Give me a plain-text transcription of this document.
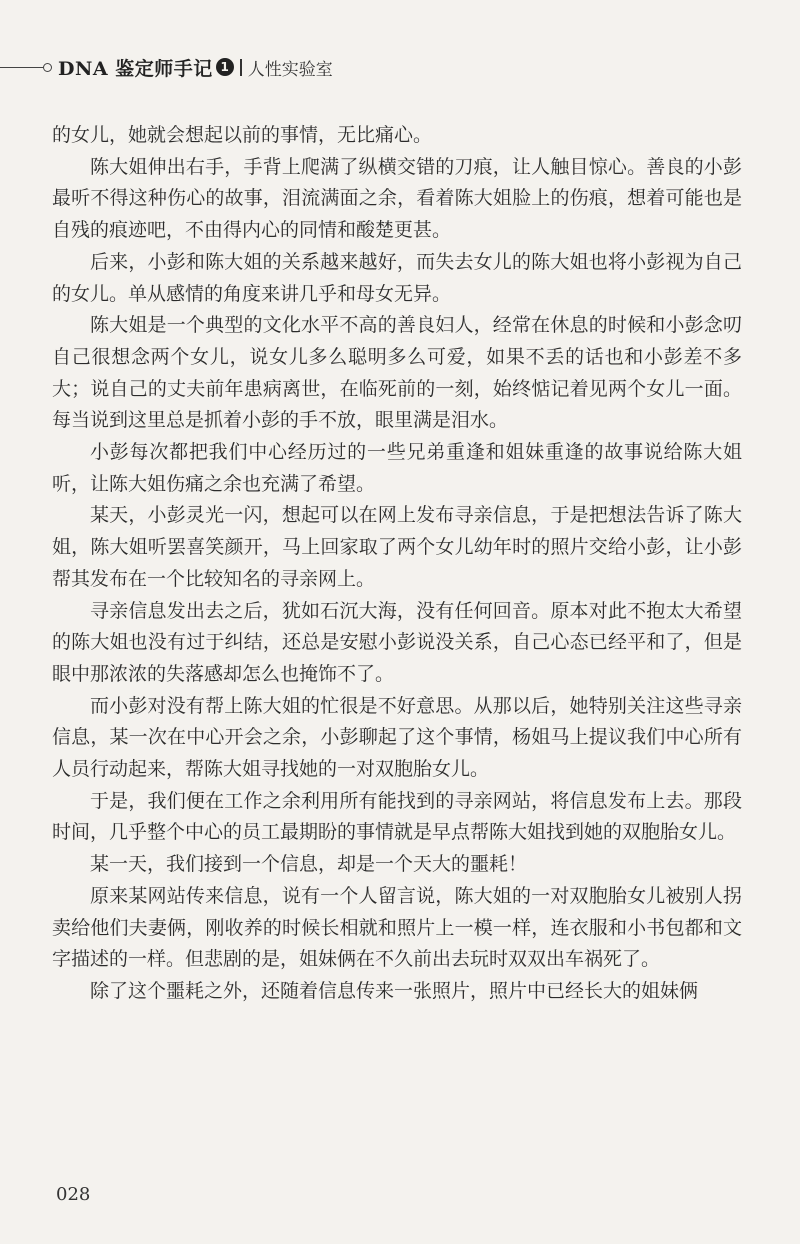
DNA 鉴定师手记 1 人性实验室

的女儿，她就会想起以前的事情，无比痛心。

陈大姐伸出右手，手背上爬满了纵横交错的刀痕，让人触目惊心。善良的小彭最听不得这种伤心的故事，泪流满面之余，看着陈大姐脸上的伤痕，想着可能也是自残的痕迹吧，不由得内心的同情和酸楚更甚。

后来，小彭和陈大姐的关系越来越好，而失去女儿的陈大姐也将小彭视为自己的女儿。单从感情的角度来讲几乎和母女无异。

陈大姐是一个典型的文化水平不高的善良妇人，经常在休息的时候和小彭念叨自己很想念两个女儿，说女儿多么聪明多么可爱，如果不丢的话也和小彭差不多大；说自己的丈夫前年患病离世，在临死前的一刻，始终惦记着见两个女儿一面。每当说到这里总是抓着小彭的手不放，眼里满是泪水。

小彭每次都把我们中心经历过的一些兄弟重逢和姐妹重逢的故事说给陈大姐听，让陈大姐伤痛之余也充满了希望。

某天，小彭灵光一闪，想起可以在网上发布寻亲信息，于是把想法告诉了陈大姐，陈大姐听罢喜笑颜开，马上回家取了两个女儿幼年时的照片交给小彭，让小彭帮其发布在一个比较知名的寻亲网上。

寻亲信息发出去之后，犹如石沉大海，没有任何回音。原本对此不抱太大希望的陈大姐也没有过于纠结，还总是安慰小彭说没关系，自己心态已经平和了，但是眼中那浓浓的失落感却怎么也掩饰不了。

而小彭对没有帮上陈大姐的忙很是不好意思。从那以后，她特别关注这些寻亲信息，某一次在中心开会之余，小彭聊起了这个事情，杨姐马上提议我们中心所有人员行动起来，帮陈大姐寻找她的一对双胞胎女儿。

于是，我们便在工作之余利用所有能找到的寻亲网站，将信息发布上去。那段时间，几乎整个中心的员工最期盼的事情就是早点帮陈大姐找到她的双胞胎女儿。

某一天，我们接到一个信息，却是一个天大的噩耗！

原来某网站传来信息，说有一个人留言说，陈大姐的一对双胞胎女儿被别人拐卖给他们夫妻俩，刚收养的时候长相就和照片上一模一样，连衣服和小书包都和文字描述的一样。但悲剧的是，姐妹俩在不久前出去玩时双双出车祸死了。

除了这个噩耗之外，还随着信息传来一张照片，照片中已经长大的姐妹俩

028
